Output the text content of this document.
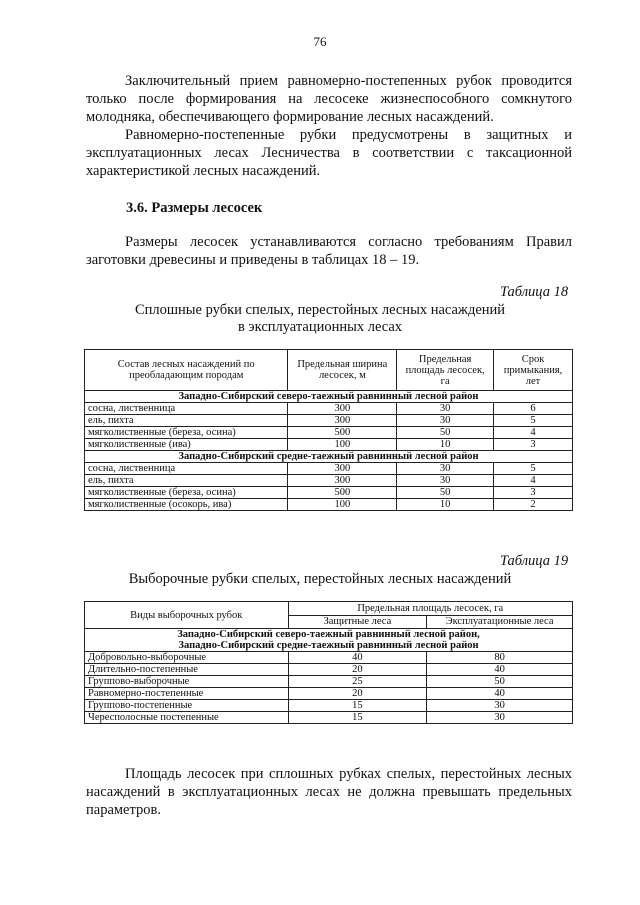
76

Заключительный прием равномерно-постепенных рубок проводится только после формирования на лесосеке жизнеспособного сомкнутого молодняка, обеспечивающего формирование лесных насаждений.

Равномерно-постепенные рубки предусмотрены в защитных и эксплуатационных лесах Лесничества в соответствии с таксационной характеристикой лесных насаждений.

3.6. Размеры лесосек

Размеры лесосек устанавливаются согласно требованиям Правил заготовки древесины и приведены в таблицах 18 – 19.

Таблица 18
Сплошные рубки спелых, перестойных лесных насаждений
в эксплуатационных лесах
Состав лесных насаждений по преобладающим породам	Предельная ширина лесосек, м	Предельная площадь лесосек, га	Срок примыкания, лет
Западно-Сибирский северо-таежный равнинный лесной район			
сосна, лиственница	300	30	6
ель, пихта	300	30	5
мягколиственные (береза, осина)	500	50	4
мягколиственные (ива)	100	10	3
Западно-Сибирский средне-таежный равнинный лесной район			
сосна, лиственница	300	30	5
ель, пихта	300	30	4
мягколиственные (береза, осина)	500	50	3
мягколиственные (осокорь, ива)	100	10	2
Таблица 19
Выборочные рубки спелых, перестойных лесных насаждений
Виды выборочных рубок	Предельная площадь лесосек, га	
	Защитные леса	Эксплуатационные леса

Западно-Сибирский северо-таежный равнинный лесной район,
Западно-Сибирский средне-таежный равнинный лесной район		

Добровольно-выборочные	40	80
Длительно-постепенные	20	40
Группово-выборочные	25	50
Равномерно-постепенные	20	40
Группово-постепенные	15	30
Чересполосные постепенные	15	30

Площадь лесосек при сплошных рубках спелых, перестойных лесных насаждений в эксплуатационных лесах не должна превышать предельных параметров.
